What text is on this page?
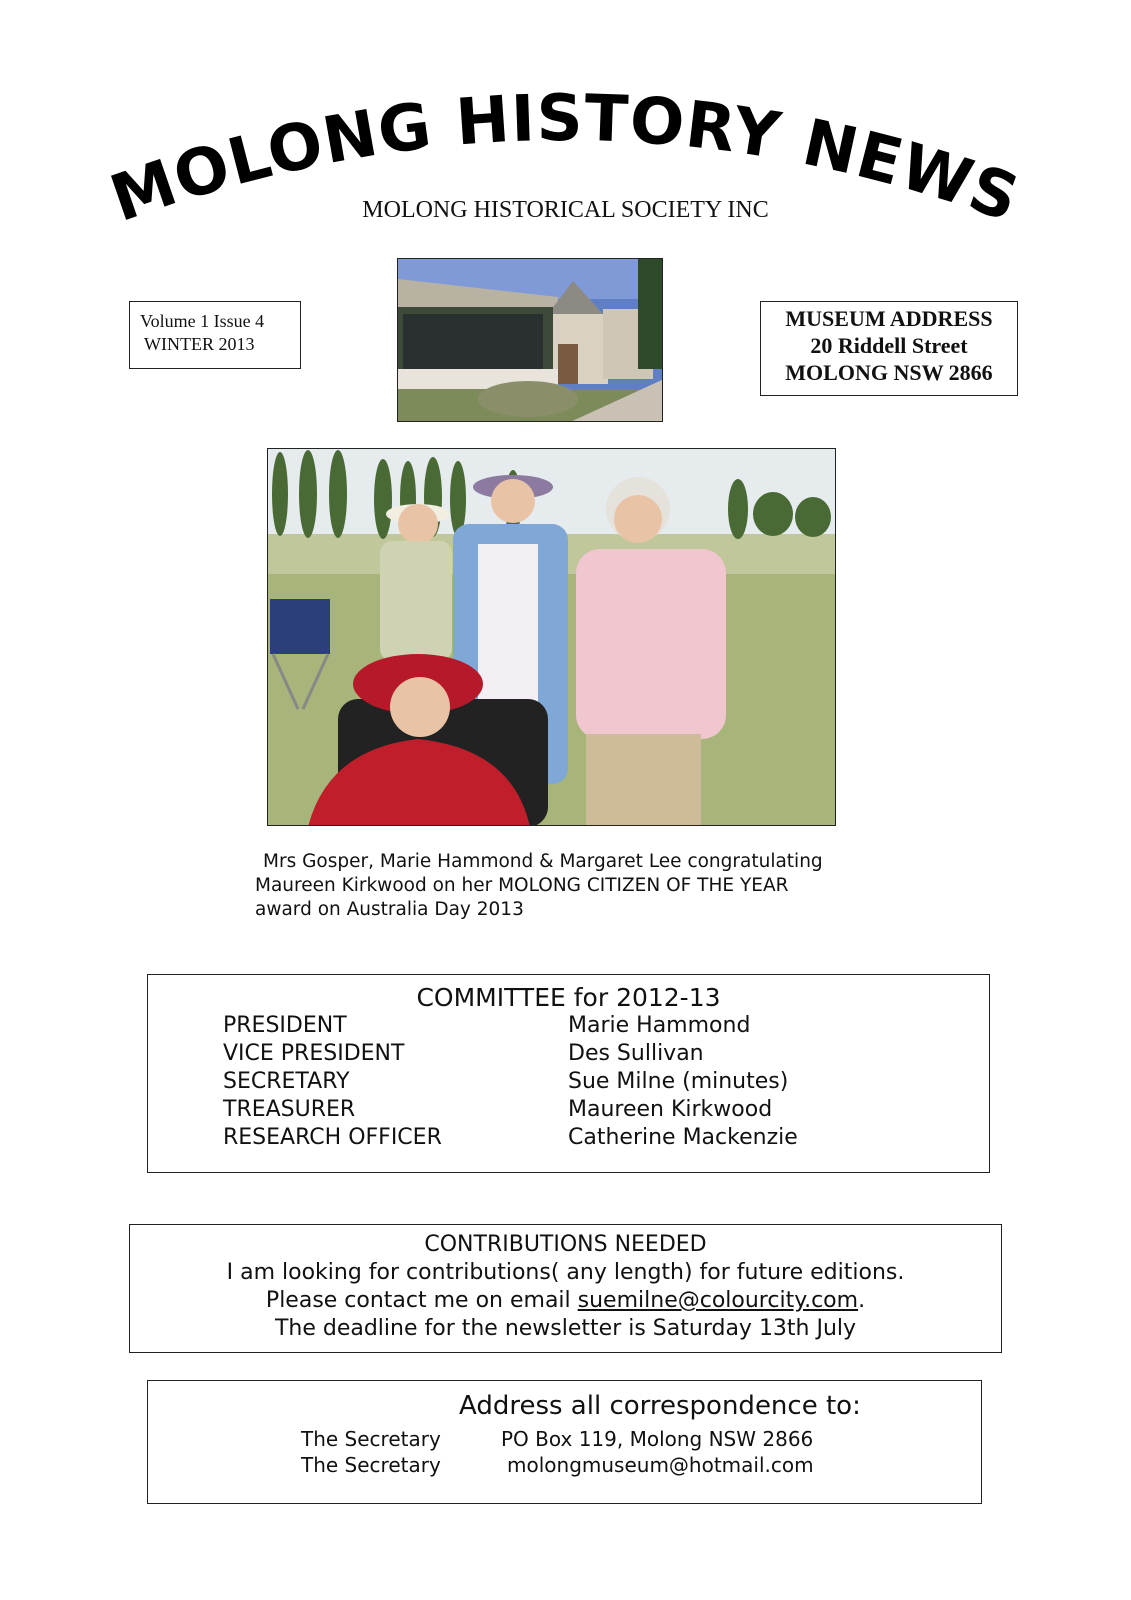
MOLONG HISTORY NEWS
MOLONG HISTORICAL SOCIETY INC
Volume 1 Issue 4
WINTER 2013
MUSEUM ADDRESS
20 Riddell Street
MOLONG NSW 2866
Mrs Gosper, Marie Hammond & Margaret Lee congratulating
Maureen Kirkwood on her MOLONG CITIZEN OF THE YEAR
award on Australia Day 2013
COMMITTEE for 2012-13
PRESIDENT	Marie Hammond
VICE PRESIDENT	Des Sullivan
SECRETARY	Sue Milne (minutes)
TREASURER	Maureen Kirkwood
RESEARCH OFFICER	Catherine Mackenzie
CONTRIBUTIONS NEEDED
I am looking for contributions( any length) for future editions.
Please contact me on email suemilne@colourcity.com.
The deadline for the newsletter is Saturday 13th July
Address all correspondence to:
The Secretary	PO Box 119, Molong NSW 2866
The Secretary	molongmuseum@hotmail.com
